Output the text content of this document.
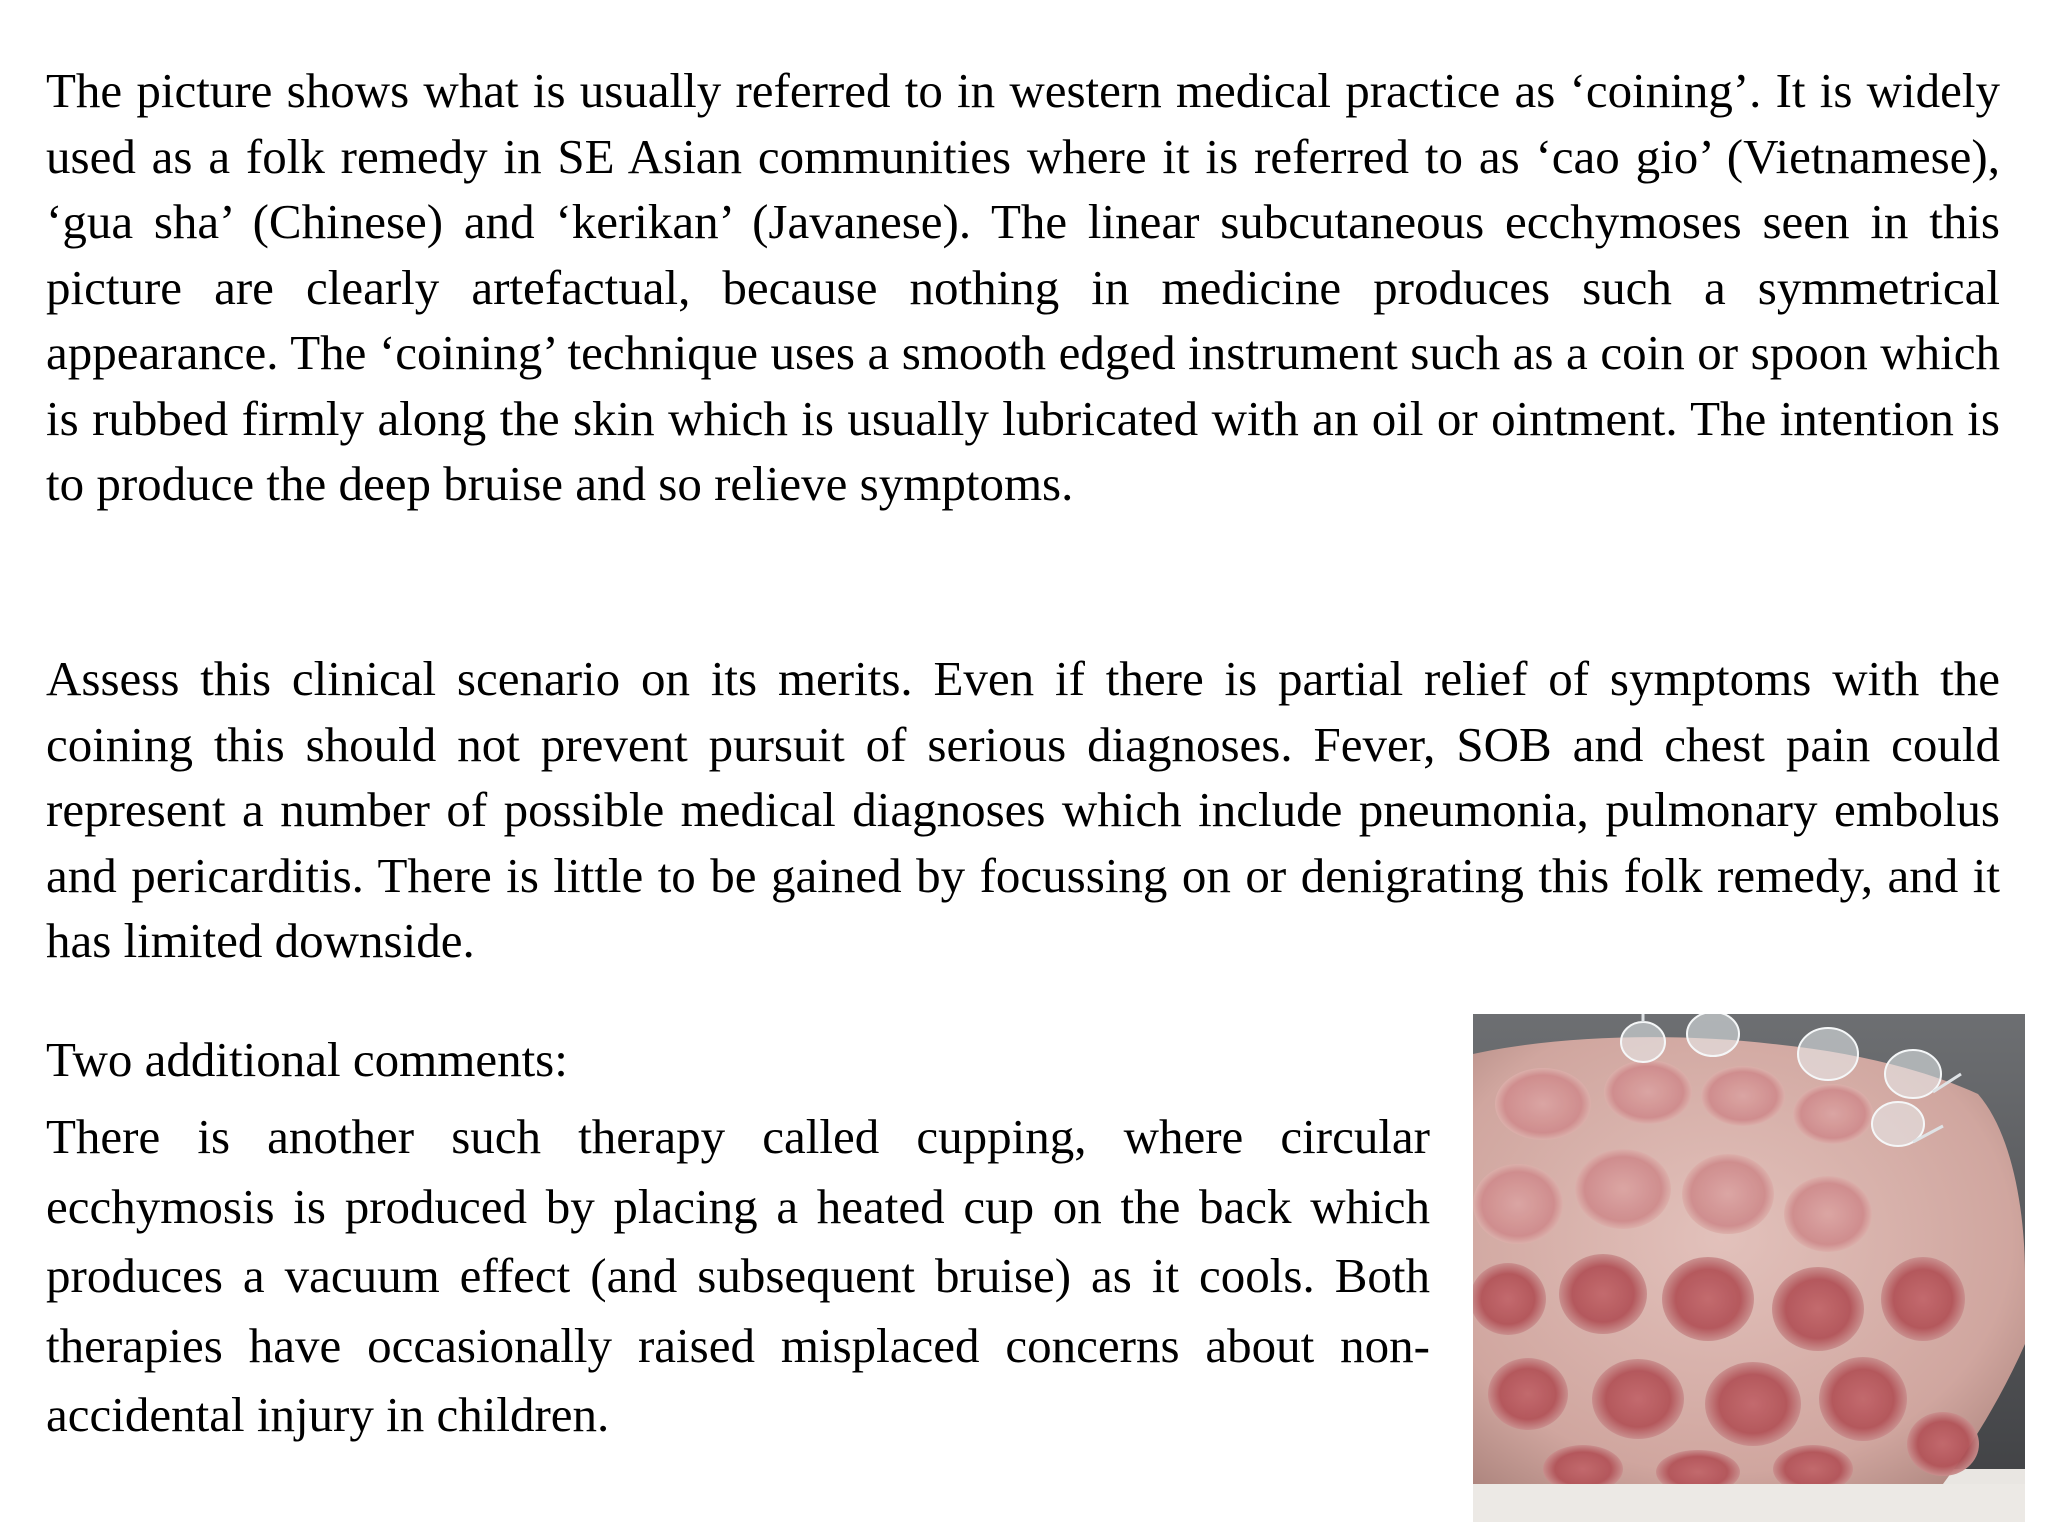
The picture shows what is usually referred to in western medical practice as ‘coining’. It is widely used as a folk remedy in SE Asian communities where it is referred to as ‘cao gio’ (Vietnamese), ‘gua sha’ (Chinese) and ‘kerikan’ (Javanese). The linear subcutaneous ecchymoses seen in this picture are clearly artefactual, because nothing in medicine produces such a symmetrical appearance. The ‘coining’ technique uses a smooth edged instrument such as a coin or spoon which is rubbed firmly along the skin which is usually lubricated with an oil or ointment. The intention is to produce the deep bruise and so relieve symptoms.

Assess this clinical scenario on its merits. Even if there is partial relief of symptoms with the coining this should not prevent pursuit of serious diagnoses. Fever, SOB and chest pain could represent a number of possible medical diagnoses which include pneumonia, pulmonary embolus and pericarditis. There is little to be gained by focussing on or denigrating this folk remedy, and it has limited downside.

Two additional comments:

There is another such therapy called cupping, where circular ecchymosis is produced by placing a heated cup on the back which produces a vacuum effect (and subsequent bruise) as it cools. Both therapies have occasionally raised misplaced concerns about non-accidental injury in children.
